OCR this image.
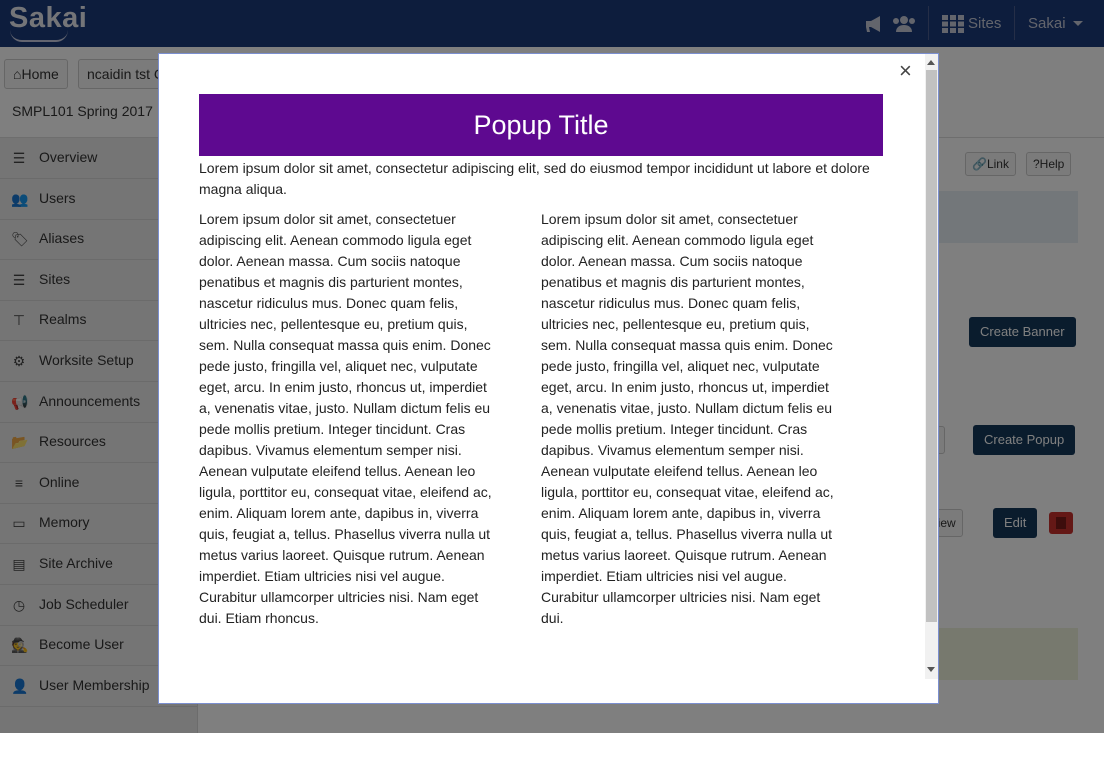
×
Popup Title
Lorem ipsum dolor sit amet, consectetur adipiscing elit, sed do eiusmod tempor incididunt ut labore et dolore magna aliqua.
Lorem ipsum dolor sit amet, consectetuer adipiscing elit. Aenean commodo ligula eget dolor. Aenean massa. Cum sociis natoque penatibus et magnis dis parturient montes, nascetur ridiculus mus. Donec quam felis, ultricies nec, pellentesque eu, pretium quis, sem. Nulla consequat massa quis enim. Donec pede justo, fringilla vel, aliquet nec, vulputate eget, arcu. In enim justo, rhoncus ut, imperdiet a, venenatis vitae, justo. Nullam dictum felis eu pede mollis pretium. Integer tincidunt. Cras dapibus. Vivamus elementum semper nisi. Aenean vulputate eleifend tellus. Aenean leo ligula, porttitor eu, consequat vitae, eleifend ac, enim. Aliquam lorem ante, dapibus in, viverra quis, feugiat a, tellus. Phasellus viverra nulla ut metus varius laoreet. Quisque rutrum. Aenean imperdiet. Etiam ultricies nisi vel augue. Curabitur ullamcorper ultricies nisi. Nam eget dui. Etiam rhoncus.
Lorem ipsum dolor sit amet, consectetuer adipiscing elit. Aenean commodo ligula eget dolor. Aenean massa. Cum sociis natoque penatibus et magnis dis parturient montes, nascetur ridiculus mus. Donec quam felis, ultricies nec, pellentesque eu, pretium quis, sem. Nulla consequat massa quis enim. Donec pede justo, fringilla vel, aliquet nec, vulputate eget, arcu. In enim justo, rhoncus ut, imperdiet a, venenatis vitae, justo. Nullam dictum felis eu pede mollis pretium. Integer tincidunt. Cras dapibus. Vivamus elementum semper nisi. Aenean vulputate eleifend tellus. Aenean leo ligula, porttitor eu, consequat vitae, eleifend ac, enim. Aliquam lorem ante, dapibus in, viverra quis, feugiat a, tellus. Phasellus viverra nulla ut metus varius laoreet. Quisque rutrum. Aenean imperdiet. Etiam ultricies nisi vel augue. Curabitur ullamcorper ultricies nisi. Nam eget dui.
